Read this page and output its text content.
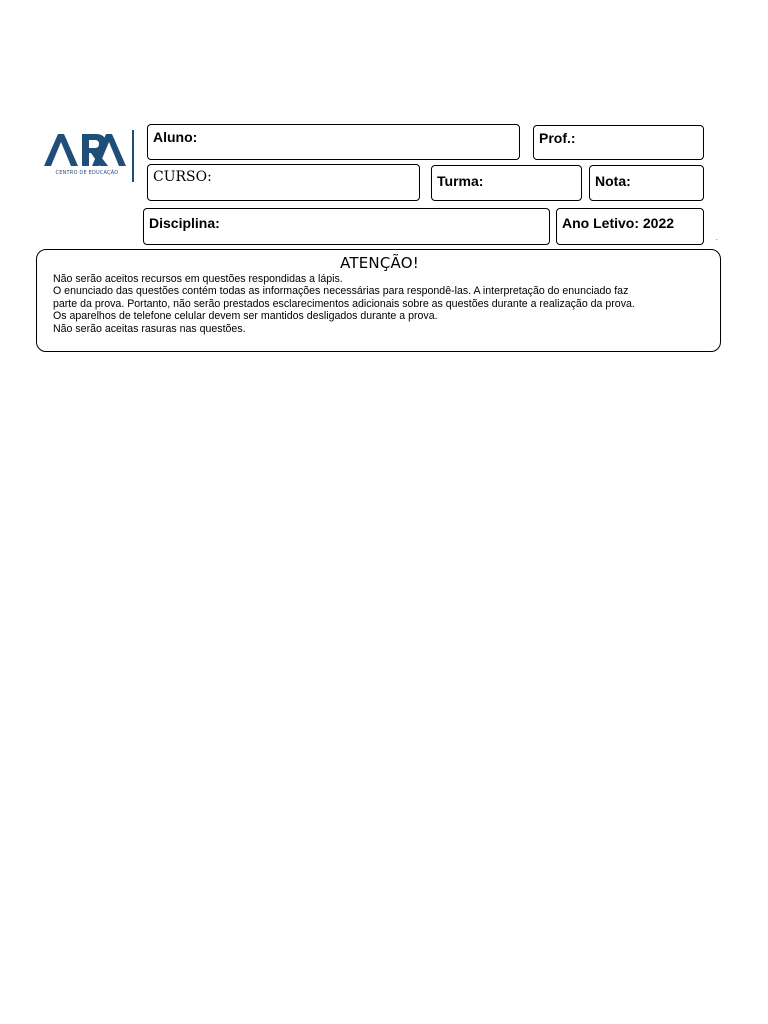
CENTRO DE EDUCAÇÃO
Aluno:	Prof.:
CURSO:	Turma:	Nota:
Disciplina:	Ano Letivo: 2022
.
ATENÇÃO!
Não serão aceitos recursos em questões respondidas a lápis.
O enunciado das questões contém todas as informações necessárias para respondê-las. A interpretação do enunciado faz
parte da prova. Portanto, não serão prestados esclarecimentos adicionais sobre as questões durante a realização da prova.
Os aparelhos de telefone celular devem ser mantidos desligados durante a prova.
Não serão aceitas rasuras nas questões.
